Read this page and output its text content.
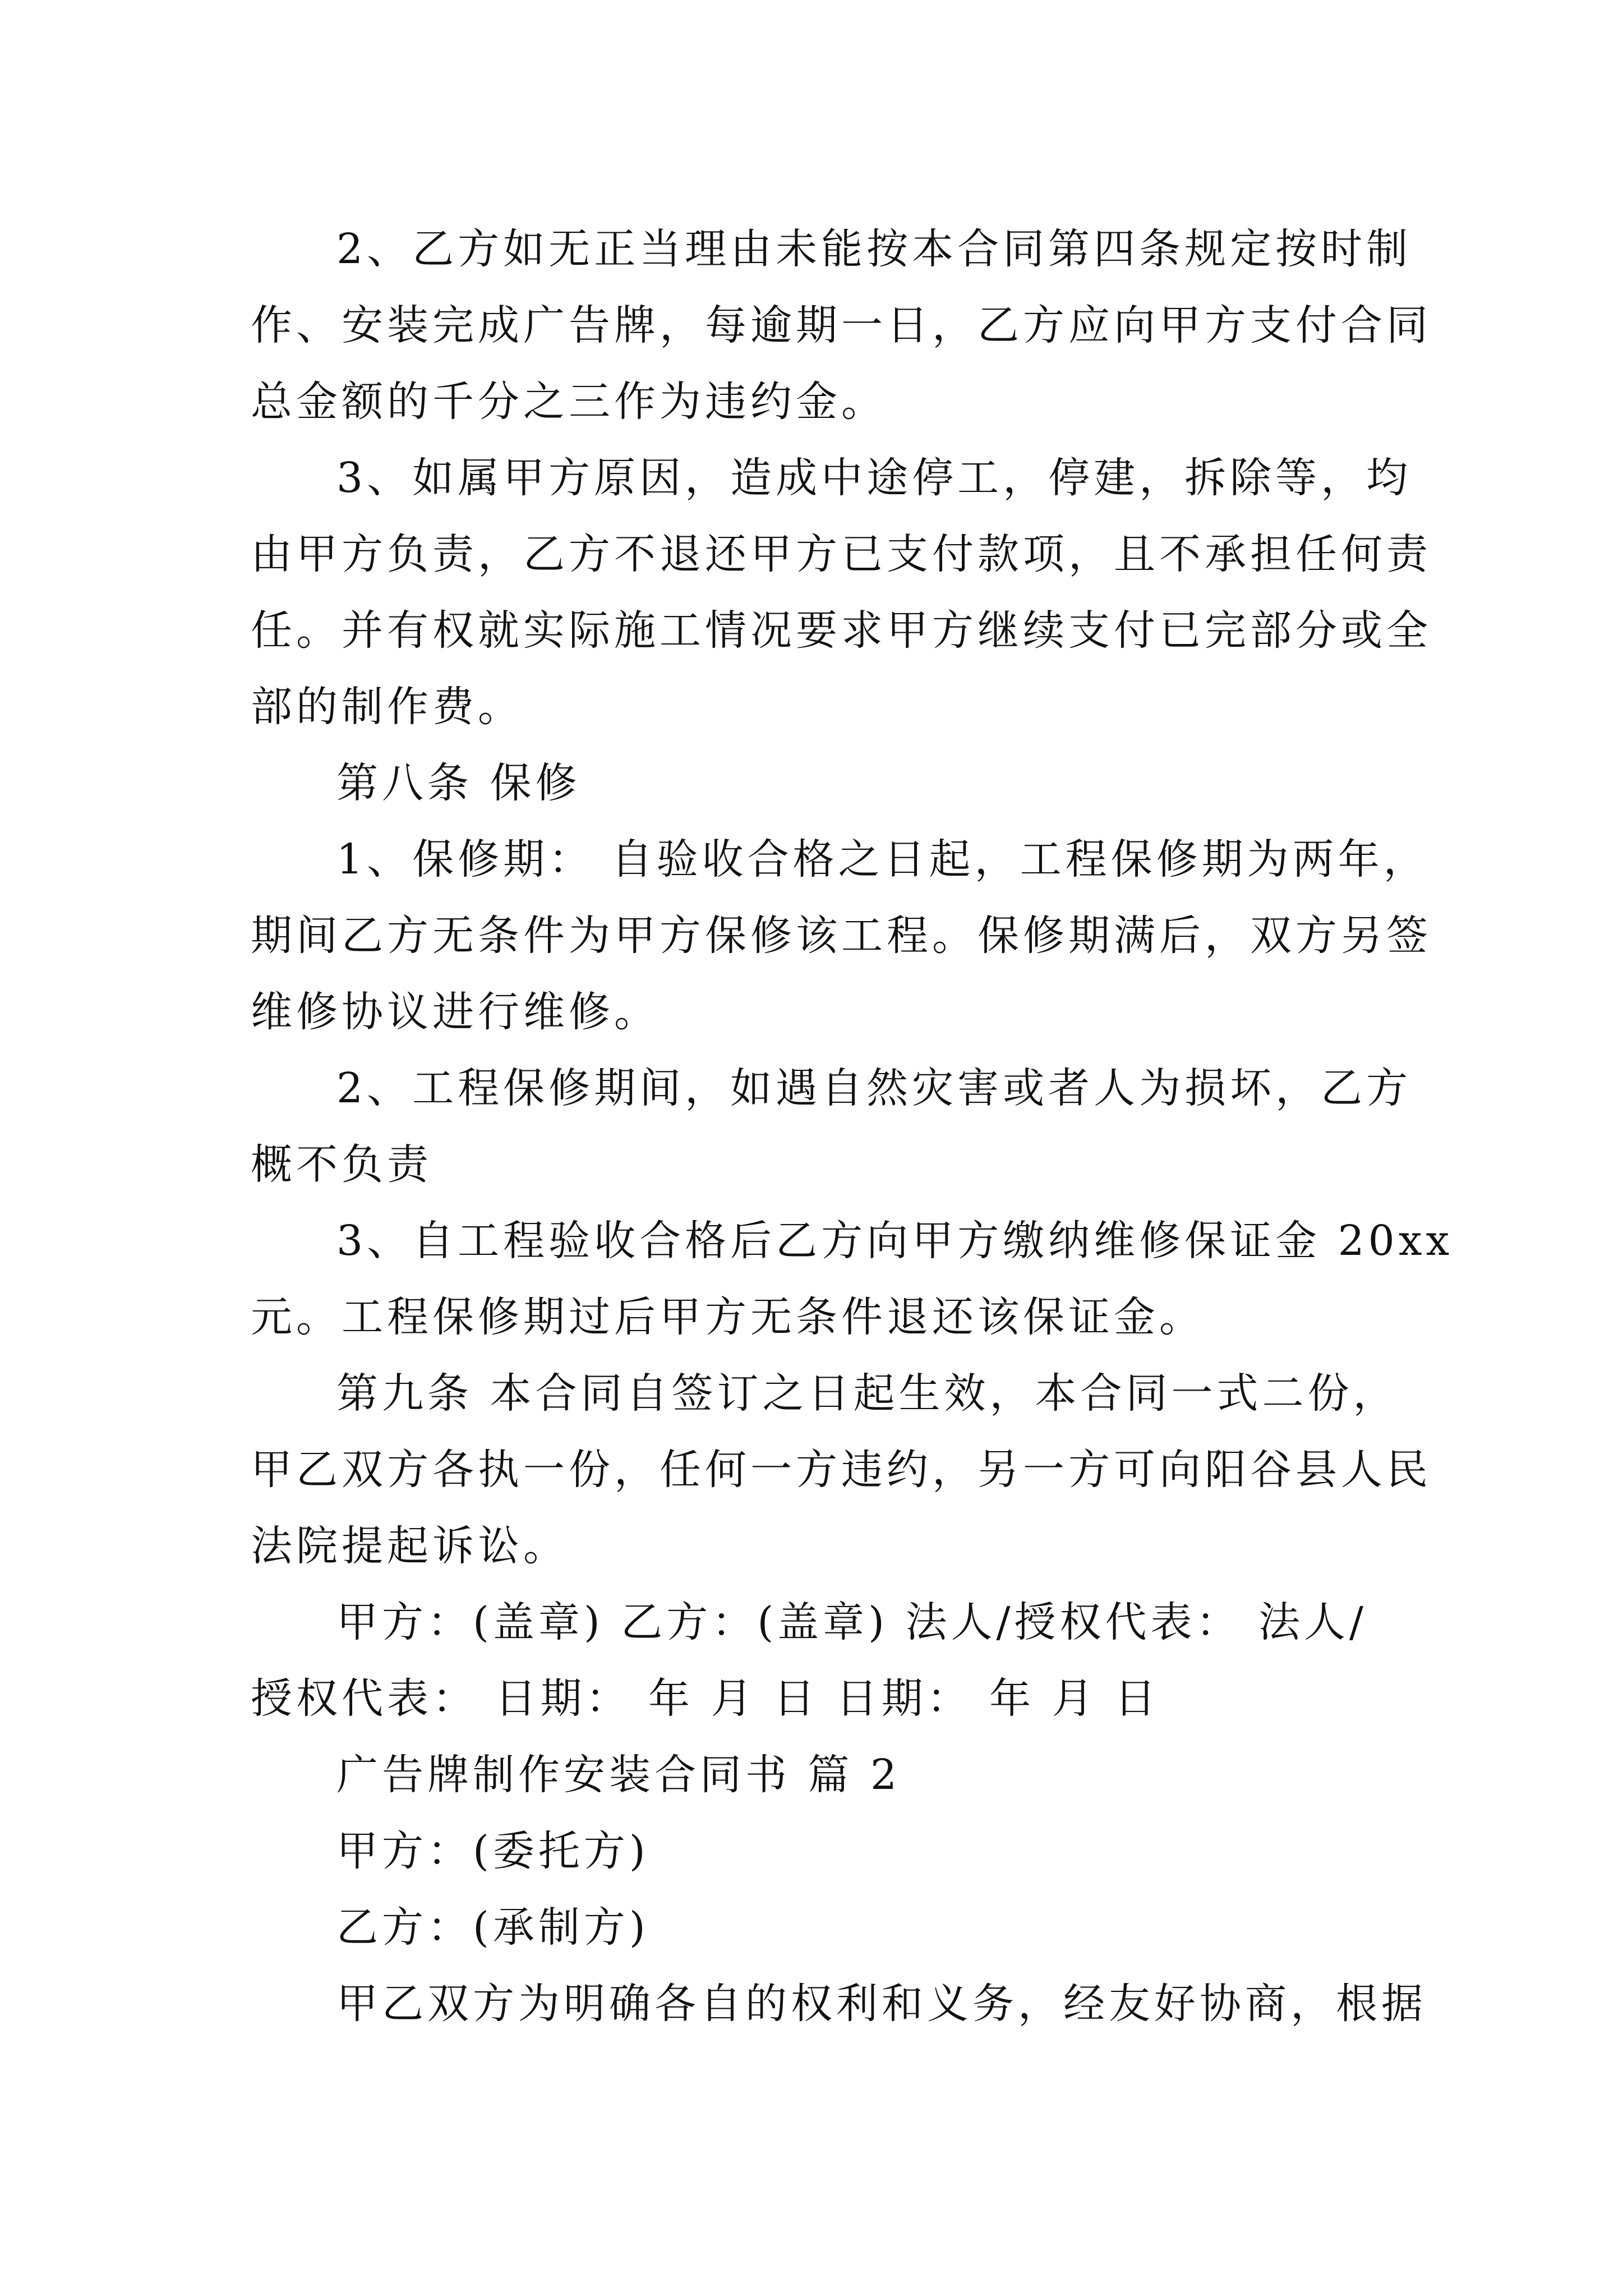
2、乙方如无正当理由未能按本合同第四条规定按时制
作、安装完成广告牌，每逾期一日，乙方应向甲方支付合同
总金额的千分之三作为违约金。
3、如属甲方原因，造成中途停工，停建，拆除等，均
由甲方负责，乙方不退还甲方已支付款项，且不承担任何责
任。并有权就实际施工情况要求甲方继续支付已完部分或全
部的制作费。
第八条 保修
1、保修期： 自验收合格之日起，工程保修期为两年，
期间乙方无条件为甲方保修该工程。保修期满后，双方另签
维修协议进行维修。
2、工程保修期间，如遇自然灾害或者人为损坏，乙方
概不负责
3、自工程验收合格后乙方向甲方缴纳维修保证金 20xx
元。工程保修期过后甲方无条件退还该保证金。
第九条 本合同自签订之日起生效，本合同一式二份，
甲乙双方各执一份，任何一方违约，另一方可向阳谷县人民
法院提起诉讼。
甲方：(盖章) 乙方：(盖章) 法人/授权代表： 法人/
授权代表： 日期： 年 月 日 日期： 年 月 日
广告牌制作安装合同书 篇 2
甲方：(委托方)
乙方：(承制方)
甲乙双方为明确各自的权利和义务，经友好协商，根据
